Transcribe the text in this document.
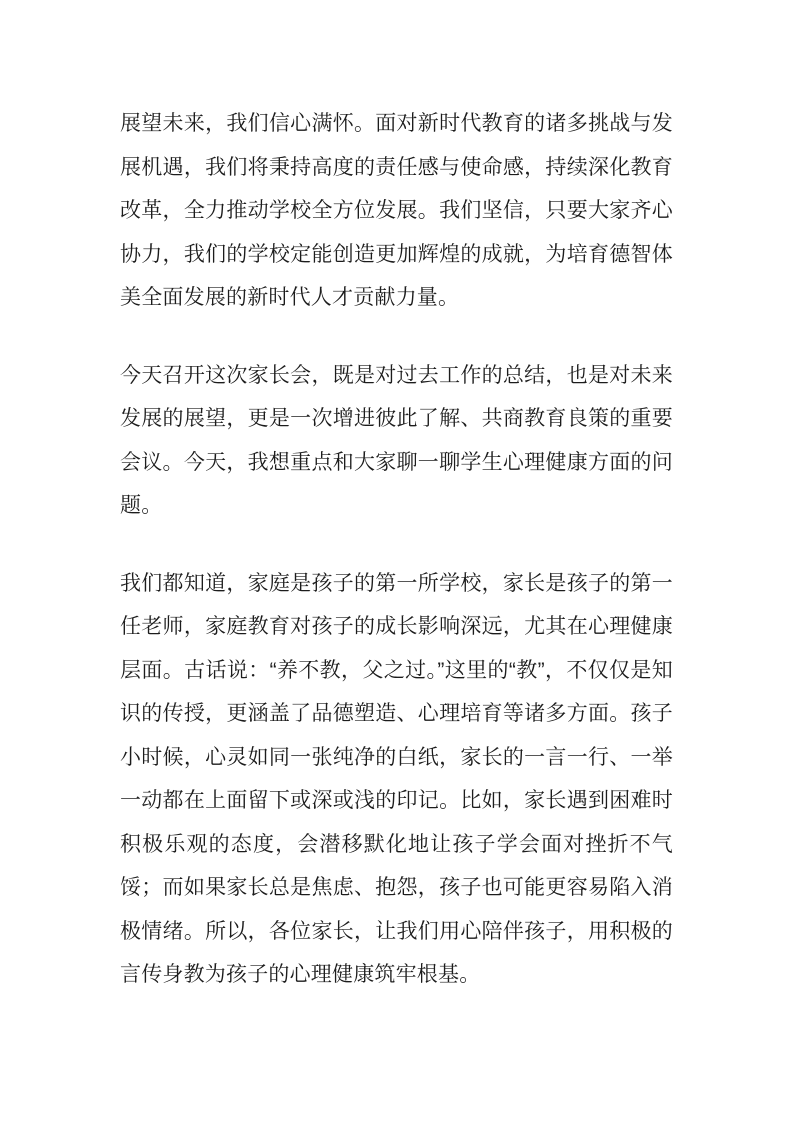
展望未来，我们信心满怀。面对新时代教育的诸多挑战与发展机遇，我们将秉持高度的责任感与使命感，持续深化教育改革，全力推动学校全方位发展。我们坚信，只要大家齐心协力，我们的学校定能创造更加辉煌的成就，为培育德智体美全面发展的新时代人才贡献力量。

今天召开这次家长会，既是对过去工作的总结，也是对未来发展的展望，更是一次增进彼此了解、共商教育良策的重要会议。今天，我想重点和大家聊一聊学生心理健康方面的问题。

我们都知道，家庭是孩子的第一所学校，家长是孩子的第一任老师，家庭教育对孩子的成长影响深远，尤其在心理健康层面。古话说：“养不教，父之过。”这里的“教”，不仅仅是知识的传授，更涵盖了品德塑造、心理培育等诸多方面。孩子小时候，心灵如同一张纯净的白纸，家长的一言一行、一举一动都在上面留下或深或浅的印记。比如，家长遇到困难时积极乐观的态度，会潜移默化地让孩子学会面对挫折不气馁；而如果家长总是焦虑、抱怨，孩子也可能更容易陷入消极情绪。所以，各位家长，让我们用心陪伴孩子，用积极的言传身教为孩子的心理健康筑牢根基。
